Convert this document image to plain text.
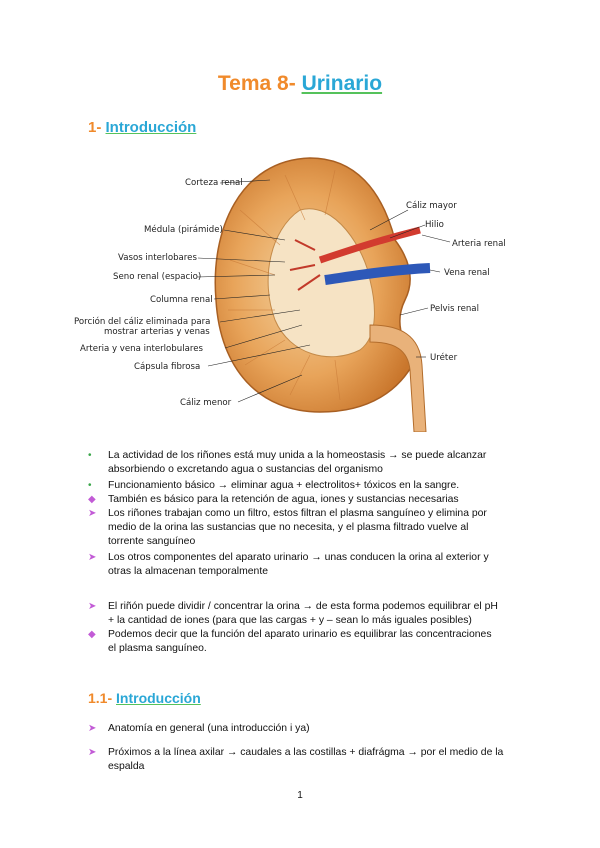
Tema 8- Urinario
1- Introducción
Corteza renal
Médula (pirámide)
Vasos interlobares
Seno renal (espacio)
Columna renal
Porción del cáliz eliminada para
mostrar arterias y venas
Arteria y vena interlobulares
Cápsula fibrosa
Cáliz menor
Cáliz mayor
Hilio
Arteria renal
Vena renal
Pelvis renal
Uréter
•	La actividad de los riñones está muy unida a la homeostasis → se puede alcanzar
absorbiendo o excretando agua o sustancias del organismo
•	Funcionamiento básico → eliminar agua + electrolitos+ tóxicos en la sangre.
◆	También es básico para la retención de agua, iones y sustancias necesarias
➤	Los riñones trabajan como un filtro, estos filtran el plasma sanguíneo y elimina por
medio de la orina las sustancias que no necesita, y el plasma filtrado vuelve al
torrente sanguíneo
➤	Los otros componentes del aparato urinario → unas conducen la orina al exterior y
otras la almacenan temporalmente
➤	El riñón puede dividir / concentrar la orina → de esta forma podemos equilibrar el pH
+ la cantidad de iones (para que las cargas + y – sean lo más iguales posibles)
◆	Podemos decir que la función del aparato urinario es equilibrar las concentraciones
el plasma sanguíneo.
1.1- Introducción
➤	Anatomía en general (una introducción i ya)
➤	Próximos a la línea axilar → caudales a las costillas + diafrágma → por el medio de la
espalda
1
